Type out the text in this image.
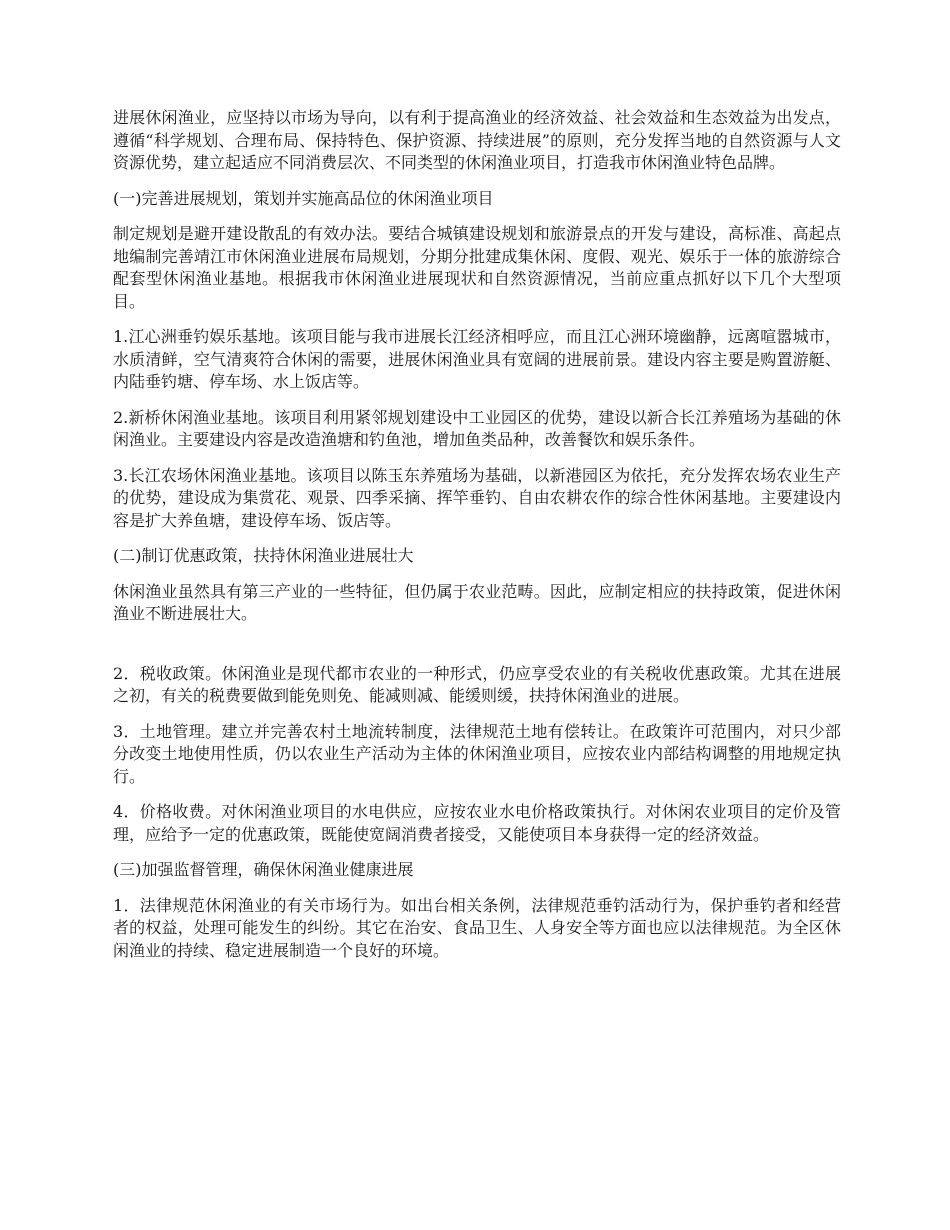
进展休闲渔业，应坚持以市场为导向，以有利于提高渔业的经济效益、社会效益和生态效益为出发点，遵循“科学规划、合理布局、保持特色、保护资源、持续进展”的原则，充分发挥当地的自然资源与人文资源优势，建立起适应不同消费层次、不同类型的休闲渔业项目，打造我市休闲渔业特色品牌。

(一)完善进展规划，策划并实施高品位的休闲渔业项目

制定规划是避开建设散乱的有效办法。要结合城镇建设规划和旅游景点的开发与建设，高标准、高起点地编制完善靖江市休闲渔业进展布局规划，分期分批建成集休闲、度假、观光、娱乐于一体的旅游综合配套型休闲渔业基地。根据我市休闲渔业进展现状和自然资源情况，当前应重点抓好以下几个大型项目。

1.江心洲垂钓娱乐基地。该项目能与我市进展长江经济相呼应，而且江心洲环境幽静，远离喧嚣城市，水质清鲜，空气清爽符合休闲的需要，进展休闲渔业具有宽阔的进展前景。建设内容主要是购置游艇、内陆垂钓塘、停车场、水上饭店等。

2.新桥休闲渔业基地。该项目利用紧邻规划建设中工业园区的优势，建设以新合长江养殖场为基础的休闲渔业。主要建设内容是改造渔塘和钓鱼池，增加鱼类品种，改善餐饮和娱乐条件。

3.长江农场休闲渔业基地。该项目以陈玉东养殖场为基础，以新港园区为依托，充分发挥农场农业生产的优势，建设成为集赏花、观景、四季采摘、挥竿垂钓、自由农耕农作的综合性休闲基地。主要建设内容是扩大养鱼塘，建设停车场、饭店等。

(二)制订优惠政策，扶持休闲渔业进展壮大

休闲渔业虽然具有第三产业的一些特征，但仍属于农业范畴。因此，应制定相应的扶持政策，促进休闲渔业不断进展壮大。

2．税收政策。休闲渔业是现代都市农业的一种形式，仍应享受农业的有关税收优惠政策。尤其在进展之初，有关的税费要做到能免则免、能减则减、能缓则缓，扶持休闲渔业的进展。

3．土地管理。建立并完善农村土地流转制度，法律规范土地有偿转让。在政策许可范围内，对只少部分改变土地使用性质，仍以农业生产活动为主体的休闲渔业项目，应按农业内部结构调整的用地规定执行。

4．价格收费。对休闲渔业项目的水电供应，应按农业水电价格政策执行。对休闲农业项目的定价及管理，应给予一定的优惠政策，既能使宽阔消费者接受，又能使项目本身获得一定的经济效益。

(三)加强监督管理，确保休闲渔业健康进展

1．法律规范休闲渔业的有关市场行为。如出台相关条例，法律规范垂钓活动行为，保护垂钓者和经营者的权益，处理可能发生的纠纷。其它在治安、食品卫生、人身安全等方面也应以法律规范。为全区休闲渔业的持续、稳定进展制造一个良好的环境。
